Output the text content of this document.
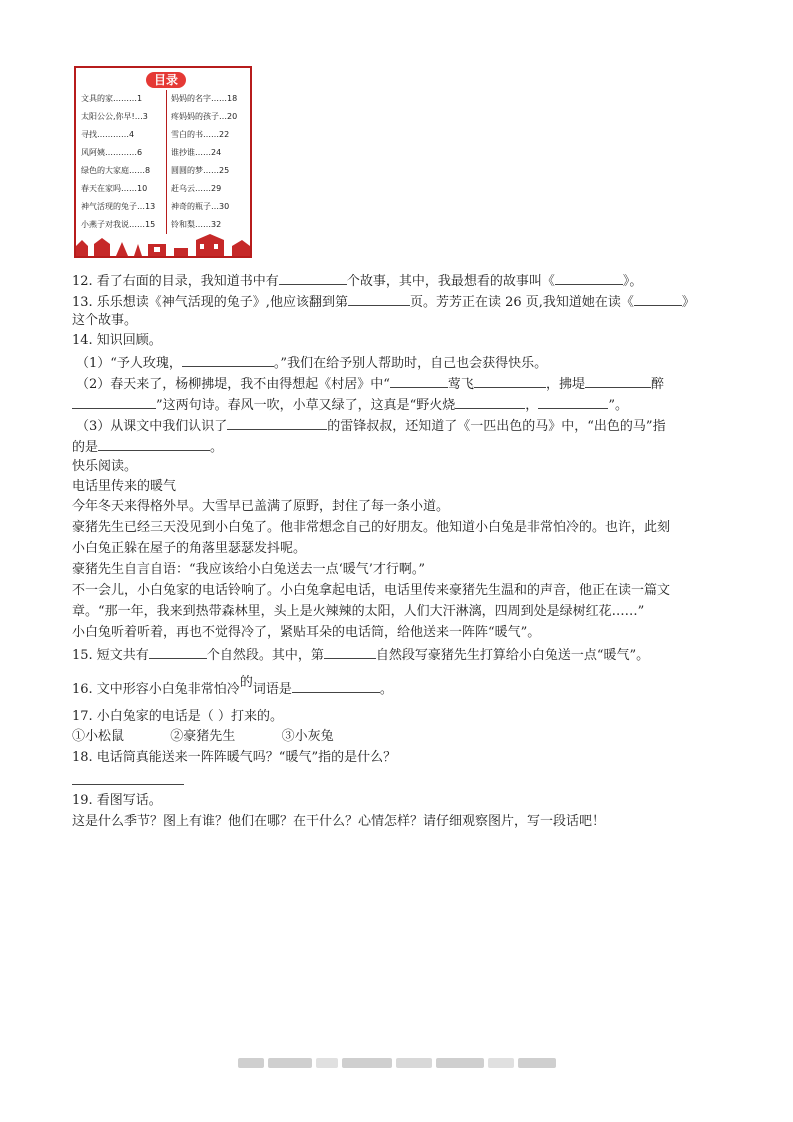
目录
文具的家………1
太阳公公,你早!…3
寻找…………4
风阿姨…………6
绿色的大家庭……8
春天在家吗……10
神气活现的兔子…13
小燕子对我说……15
妈妈的名字……18
疼妈妈的孩子…20
雪白的书……22
谁抄谁……24
圆圆的梦……25
赶乌云……29
神奇的瓶子…30
铃和梨……32
12. 看了右面的目录，我知道书中有	个故事，其中，我最想看的故事叫《	》。
13. 乐乐想读《神气活现的兔子》,他应该翻到第	页。芳芳正在读 26 页,我知道她在读《	》
这个故事。
14. 知识回顾。
（1）“予人玫瑰，	。”我们在给予别人帮助时，自己也会获得快乐。
（2）春天来了，杨柳拂堤，我不由得想起《村居》中“	莺飞	，拂堤	醉
”这两句诗。春风一吹，小草又绿了，这真是“野火烧	，	”。
（3）从课文中我们认识了	的雷锋叔叔，还知道了《一匹出色的马》中，“出色的马”指
的是	。
快乐阅读。
电话里传来的暖气
今年冬天来得格外早。大雪早已盖满了原野，封住了每一条小道。
豪猪先生已经三天没见到小白兔了。他非常想念自己的好朋友。他知道小白兔是非常怕冷的。也许，此刻
小白兔正躲在屋子的角落里瑟瑟发抖呢。
豪猪先生自言自语：“我应该给小白兔送去一点‘暖气’才行啊。”
不一会儿，小白兔家的电话铃响了。小白兔拿起电话，电话里传来豪猪先生温和的声音，他正在读一篇文
章。“那一年，我来到热带森林里，头上是火辣辣的太阳，人们大汗淋漓，四周到处是绿树红花……”
小白兔听着听着，再也不觉得冷了，紧贴耳朵的电话筒，给他送来一阵阵“暖气”。
15. 短文共有	个自然段。其中，第	自然段写豪猪先生打算给小白兔送一点“暖气”。
16. 文中形容小白兔非常怕冷的词语是	。
17. 小白兔家的电话是（ ）打来的。
①小松鼠	②豪猪先生	③小灰兔
18. 电话筒真能送来一阵阵暖气吗？“暖气”指的是什么？
19. 看图写话。
这是什么季节？图上有谁？他们在哪？在干什么？心情怎样？请仔细观察图片，写一段话吧！
